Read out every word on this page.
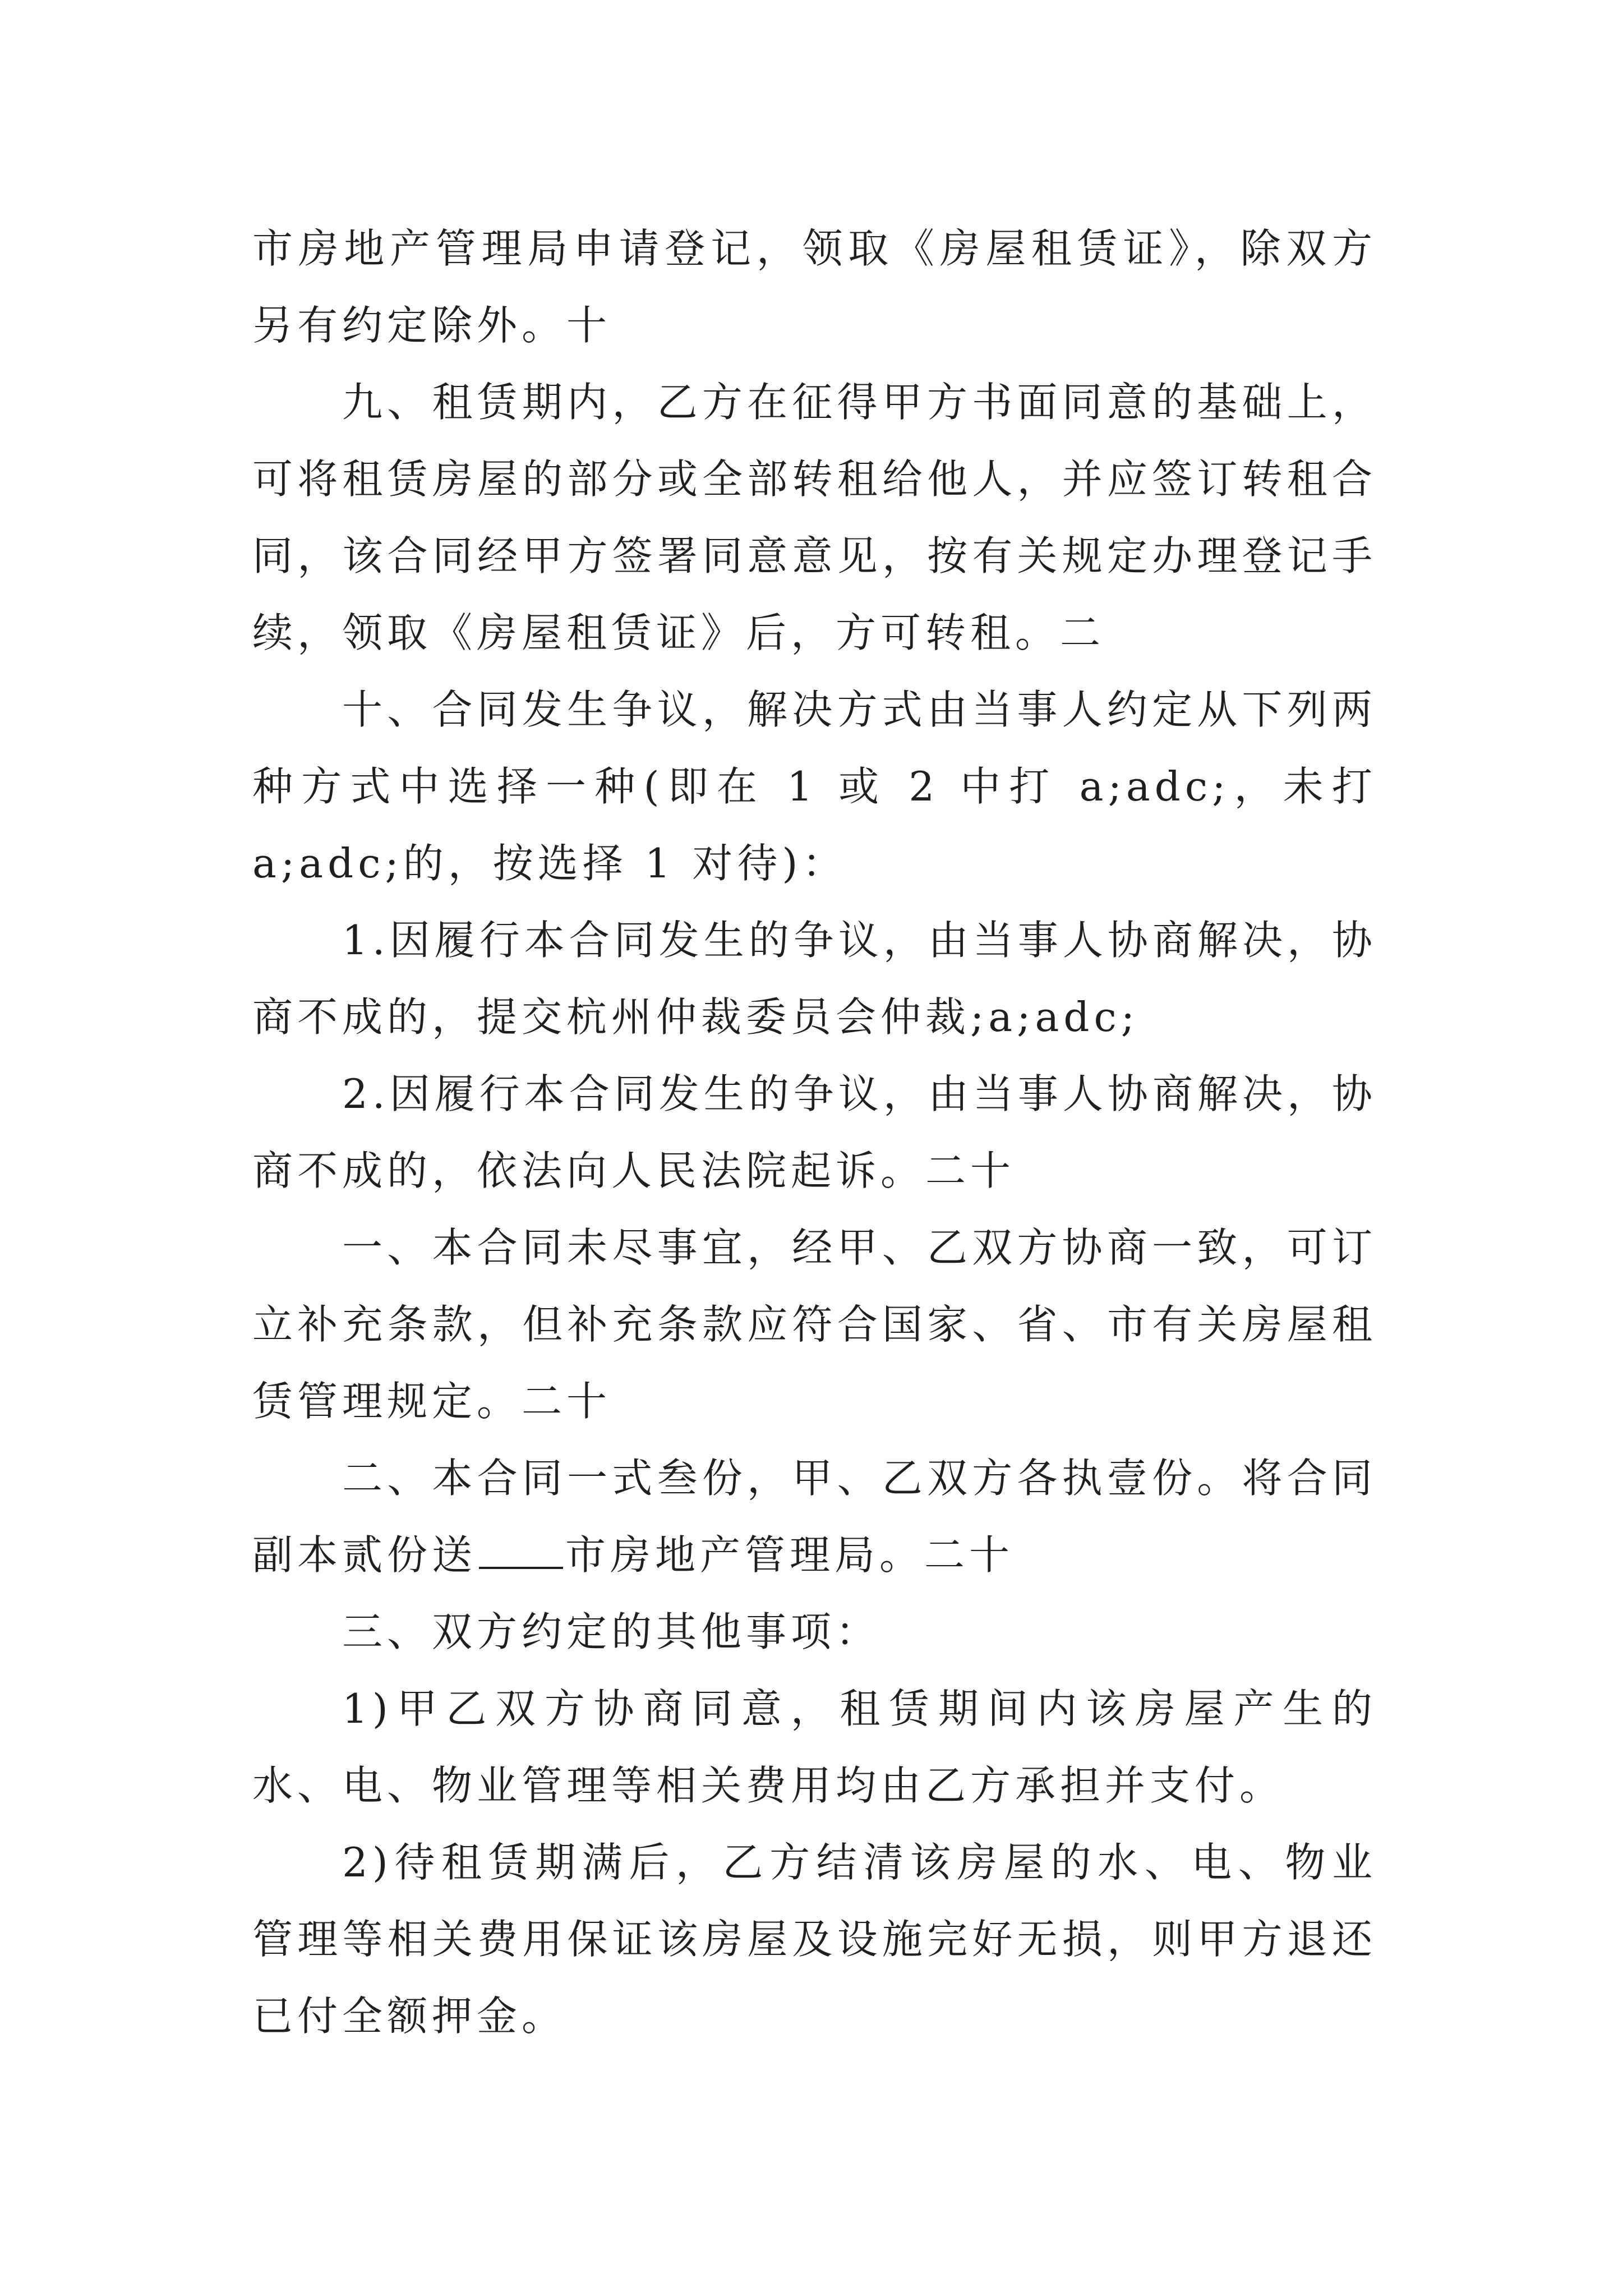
市房地产管理局申请登记，领取《房屋租赁证》，除双方另有约定除外。十

九、租赁期内，乙方在征得甲方书面同意的基础上，可将租赁房屋的部分或全部转租给他人，并应签订转租合同，该合同经甲方签署同意意见，按有关规定办理登记手续，领取《房屋租赁证》后，方可转租。二

十、合同发生争议，解决方式由当事人约定从下列两种方式中选择一种(即在 1 或 2 中打 a;adc;，未打 a;adc;的，按选择 1 对待)：

1.因履行本合同发生的争议，由当事人协商解决，协商不成的，提交杭州仲裁委员会仲裁;a;adc;

2.因履行本合同发生的争议，由当事人协商解决，协商不成的，依法向人民法院起诉。二十

一、本合同未尽事宜，经甲、乙双方协商一致，可订立补充条款，但补充条款应符合国家、省、市有关房屋租赁管理规定。二十

二、本合同一式叁份，甲、乙双方各执壹份。将合同副本贰份送 市房地产管理局。二十

三、双方约定的其他事项：

1)甲乙双方协商同意，租赁期间内该房屋产生的水、电、物业管理等相关费用均由乙方承担并支付。

2)待租赁期满后，乙方结清该房屋的水、电、物业管理等相关费用保证该房屋及设施完好无损，则甲方退还已付全额押金。
